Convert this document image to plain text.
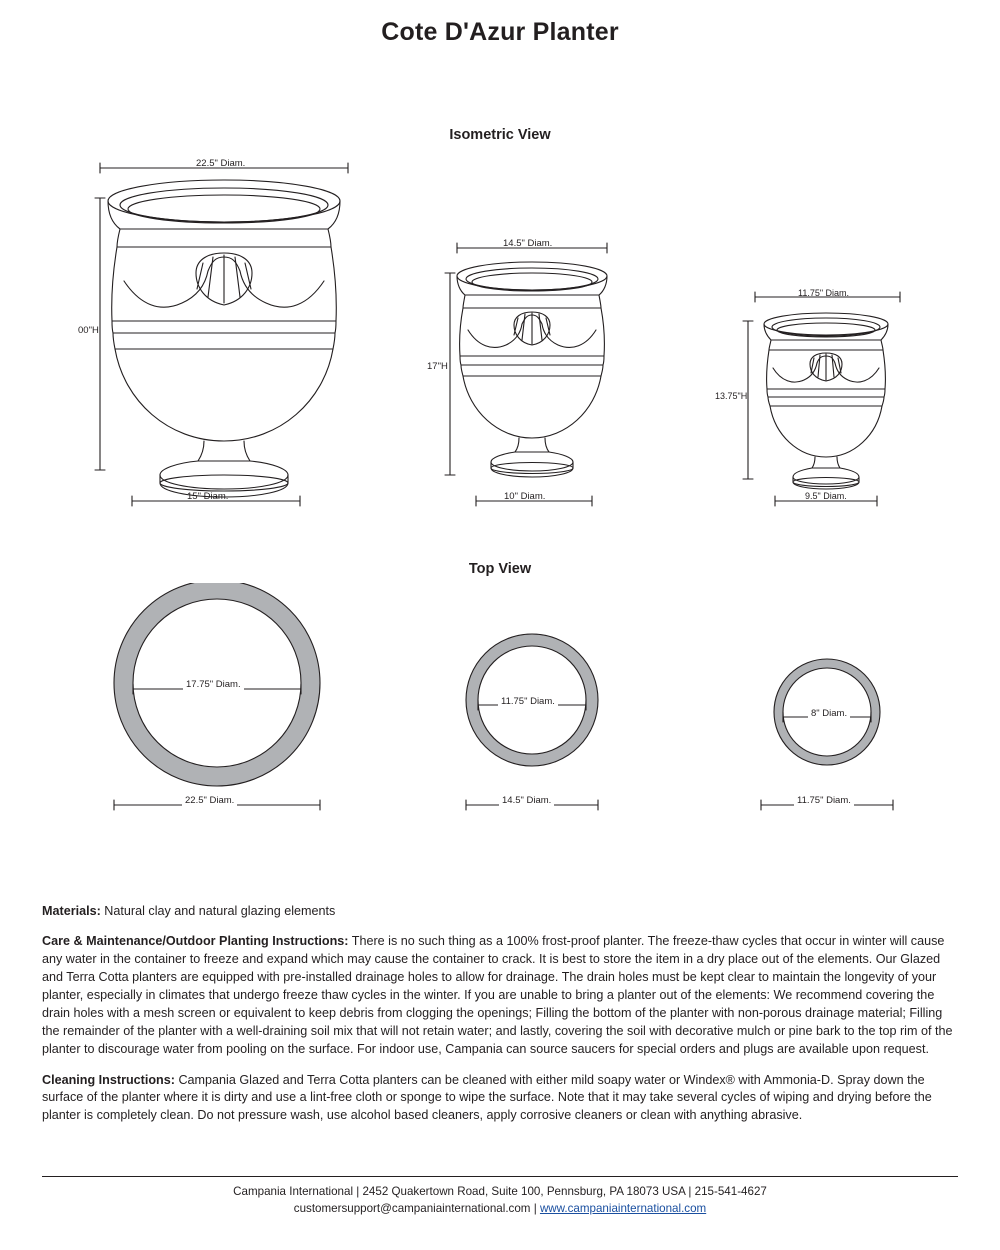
Cote D'Azur Planter
Isometric View
22.5" Diam.
00"H
15" Diam.
14.5" Diam.
17"H
10" Diam.
11.75" Diam.
13.75"H
9.5" Diam.
Top View
17.75" Diam.
22.5" Diam.
11.75" Diam.
14.5" Diam.
8" Diam.
11.75" Diam.

Materials: Natural clay and natural glazing elements

Care & Maintenance/Outdoor Planting Instructions: There is no such thing as a 100% frost-proof planter. The freeze-thaw cycles that occur in winter will cause any water in the container to freeze and expand which may cause the container to crack. It is best to store the item in a dry place out of the elements. Our Glazed and Terra Cotta planters are equipped with pre-installed drainage holes to allow for drainage. The drain holes must be kept clear to maintain the longevity of your planter, especially in climates that undergo freeze thaw cycles in the winter. If you are unable to bring a planter out of the elements: We recommend covering the drain holes with a mesh screen or equivalent to keep debris from clogging the openings; Filling the bottom of the planter with non-porous drainage material; Filling the remainder of the planter with a well-draining soil mix that will not retain water; and lastly, covering the soil with decorative mulch or pine bark to the top rim of the planter to discourage water from pooling on the surface. For indoor use, Campania can source saucers for special orders and plugs are available upon request.

Cleaning Instructions: Campania Glazed and Terra Cotta planters can be cleaned with either mild soapy water or Windex® with Ammonia-D. Spray down the surface of the planter where it is dirty and use a lint-free cloth or sponge to wipe the surface. Note that it may take several cycles of wiping and drying before the planter is completely clean. Do not pressure wash, use alcohol based cleaners, apply corrosive cleaners or clean with anything abrasive.

Campania International | 2452 Quakertown Road, Suite 100, Pennsburg, PA 18073 USA | 215-541-4627
customersupport@campaniainternational.com | www.campaniainternational.com
